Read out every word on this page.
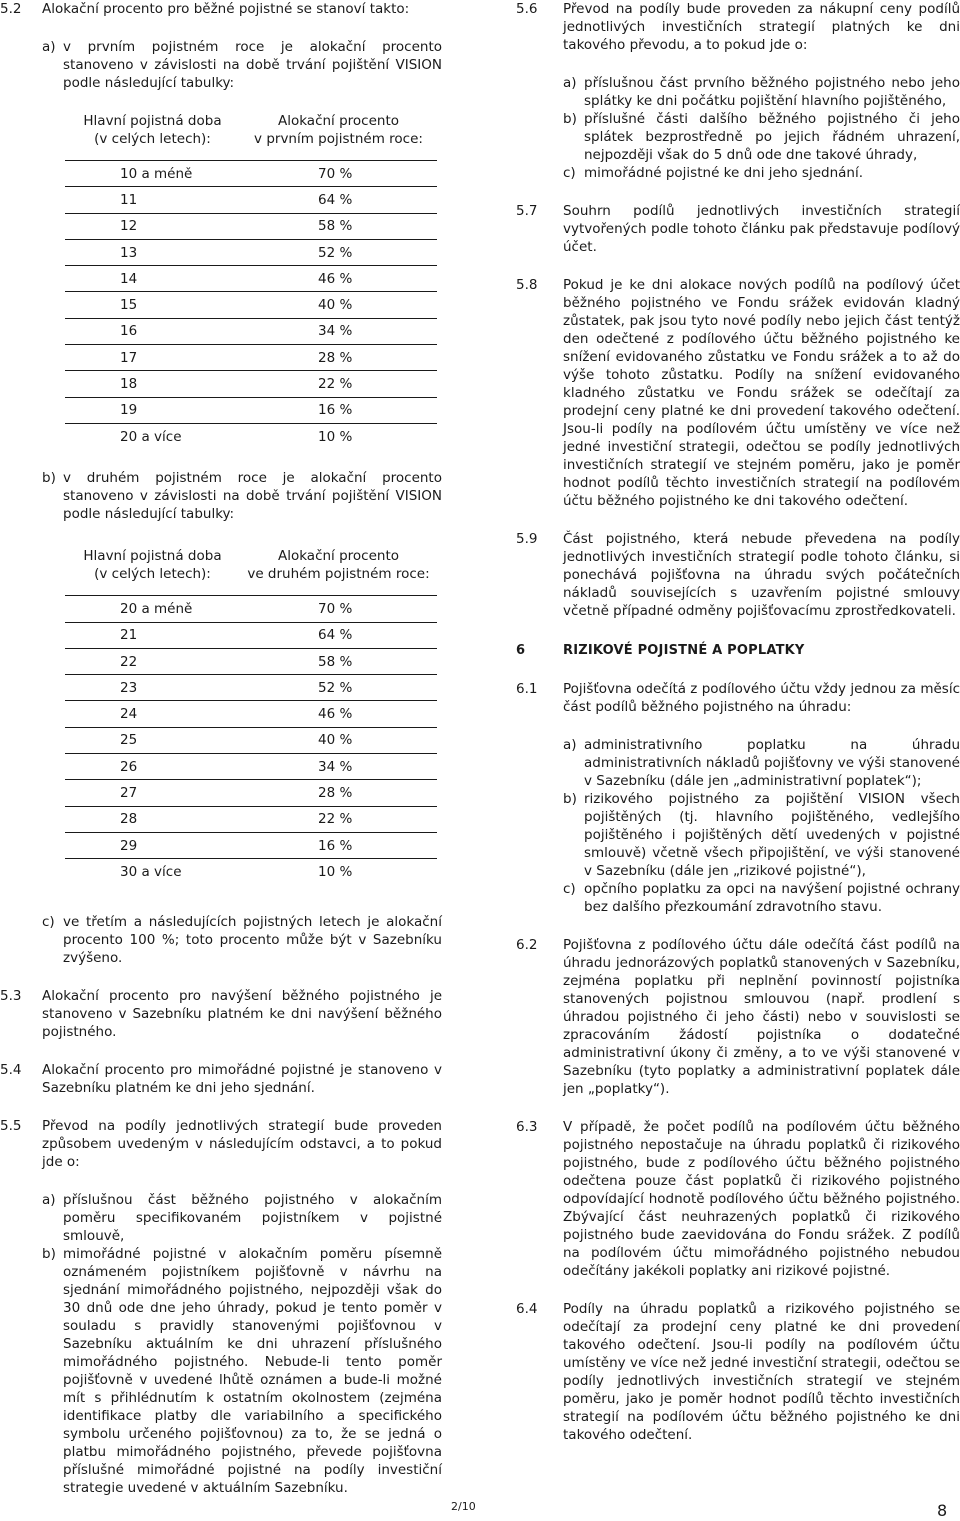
5.2	Alokační procento pro běžné pojistné se stanoví takto:
a) v prvním pojistném roce je alokační procento stanoveno v závislosti na době trvání pojištění VISION podle následující tabulky:
Hlavní pojistná doba
(v celých letech):	Alokační procento
v prvním pojistném roce:
10 a méně	70 %
11	64 %
12	58 %
13	52 %
14	46 %
15	40 %
16	34 %
17	28 %
18	22 %
19	16 %
20 a více	10 %
b) v druhém pojistném roce je alokační procento stanoveno v závislosti na době trvání pojištění VISION podle následující tabulky:
Hlavní pojistná doba
(v celých letech):	Alokační procento
ve druhém pojistném roce:
20 a méně	70 %
21	64 %
22	58 %
23	52 %
24	46 %
25	40 %
26	34 %
27	28 %
28	22 %
29	16 %
30 a více	10 %
c) ve třetím a následujících pojistných letech je alokační procento 100 %; toto procento může být v Sazebníku zvýšeno.
5.3	Alokační procento pro navýšení běžného pojistného je stanoveno v Sazebníku platném ke dni navýšení běžného pojistného.
5.4	Alokační procento pro mimořádné pojistné je stanoveno v Sazebníku platném ke dni jeho sjednání.
5.5	Převod na podíly jednotlivých strategií bude proveden způsobem uvedeným v následujícím odstavci, a to pokud jde o:
a) příslušnou část běžného pojistného v alokačním poměru specifikovaném pojistníkem v pojistné smlouvě,
b) mimořádné pojistné v alokačním poměru písemně oznámeném pojistníkem pojišťovně v návrhu na sjednání mimořádného pojistného, nejpozději však do 30 dnů ode dne jeho úhrady, pokud je tento poměr v souladu s pravidly stanovenými pojišťovnou v Sazebníku aktuálním ke dni uhrazení příslušného mimořádného pojistného. Nebude-li tento poměr pojišťovně v uvedené lhůtě oznámen a bude-li možné mít s přihlédnutím k ostatním okolnostem (zejména identifikace platby dle variabilního a specifického symbolu určeného pojišťovnou) za to, že se jedná o platbu mimořádného pojistného, převede pojišťovna příslušné mimořádné pojistné na podíly investiční strategie uvedené v aktuálním Sazebníku.
5.6	Převod na podíly bude proveden za nákupní ceny podílů jednotlivých investičních strategií platných ke dni takového převodu, a to pokud jde o:
a) příslušnou část prvního běžného pojistného nebo jeho splátky ke dni počátku pojištění hlavního pojištěného,
b) příslušné části dalšího běžného pojistného či jeho splátek bezprostředně po jejich řádném uhrazení, nejpozději však do 5 dnů ode dne takové úhrady,
c) mimořádné pojistné ke dni jeho sjednání.
5.7	Souhrn podílů jednotlivých investičních strategií vytvořených podle tohoto článku pak představuje podílový účet.
5.8	Pokud je ke dni alokace nových podílů na podílový účet běžného pojistného ve Fondu srážek evidován kladný zůstatek, pak jsou tyto nové podíly nebo jejich část tentýž den odečtené z podílového účtu běžného pojistného ke snížení evidovaného zůstatku ve Fondu srážek a to až do výše tohoto zůstatku. Podíly na snížení evidovaného kladného zůstatku ve Fondu srážek se odečítají za prodejní ceny platné ke dni provedení takového odečtení. Jsou-li podíly na podílovém účtu umístěny ve více než jedné investiční strategii, odečtou se podíly jednotlivých investičních strategií ve stejném poměru, jako je poměr hodnot podílů těchto investičních strategií na podílovém účtu běžného pojistného ke dni takového odečtení.
5.9	Část pojistného, která nebude převedena na podíly jednotlivých investičních strategií podle tohoto článku, si ponechává pojišťovna na úhradu svých počátečních nákladů souvisejících s uzavřením pojistné smlouvy včetně případné odměny pojišťovacímu zprostředkovateli.
6	RIZIKOVÉ POJISTNÉ A POPLATKY
6.1	Pojišťovna odečítá z podílového účtu vždy jednou za měsíc část podílů běžného pojistného na úhradu:
a) administrativního poplatku na úhradu administrativních nákladů pojišťovny ve výši stanovené v Sazebníku (dále jen „administrativní poplatek“);
b) rizikového pojistného za pojištění VISION všech pojištěných (tj. hlavního pojištěného, vedlejšího pojištěného i pojištěných dětí uvedených v pojistné smlouvě) včetně všech připojištění, ve výši stanovené v Sazebníku (dále jen „rizikové pojistné“),
c) opčního poplatku za opci na navýšení pojistné ochrany bez dalšího přezkoumání zdravotního stavu.
6.2	Pojišťovna z podílového účtu dále odečítá část podílů na úhradu jednorázových poplatků stanovených v Sazebníku, zejména poplatku při neplnění povinností pojistníka stanovených pojistnou smlouvou (např. prodlení s úhradou pojistného či jeho části) nebo v souvislosti se zpracováním žádostí pojistníka o dodatečné administrativní úkony či změny, a to ve výši stanovené v Sazebníku (tyto poplatky a administrativní poplatek dále jen „poplatky“).
6.3	V případě, že počet podílů na podílovém účtu běžného pojistného nepostačuje na úhradu poplatků či rizikového pojistného, bude z podílového účtu běžného pojistného odečtena pouze část poplatků či rizikového pojistného odpovídající hodnotě podílového účtu běžného pojistného. Zbývající část neuhrazených poplatků či rizikového pojistného bude zaevidována do Fondu srážek. Z podílů na podílovém účtu mimořádného pojistného nebudou odečítány jakékoli poplatky ani rizikové pojistné.
6.4	Podíly na úhradu poplatků a rizikového pojistného se odečítají za prodejní ceny platné ke dni provedení takového odečtení. Jsou-li podíly na podílovém účtu umístěny ve více než jedné investiční strategii, odečtou se podíly jednotlivých investičních strategií ve stejném poměru, jako je poměr hodnot podílů těchto investičních strategií na podílovém účtu běžného pojistného ke dni takového odečtení.
2/10	8
